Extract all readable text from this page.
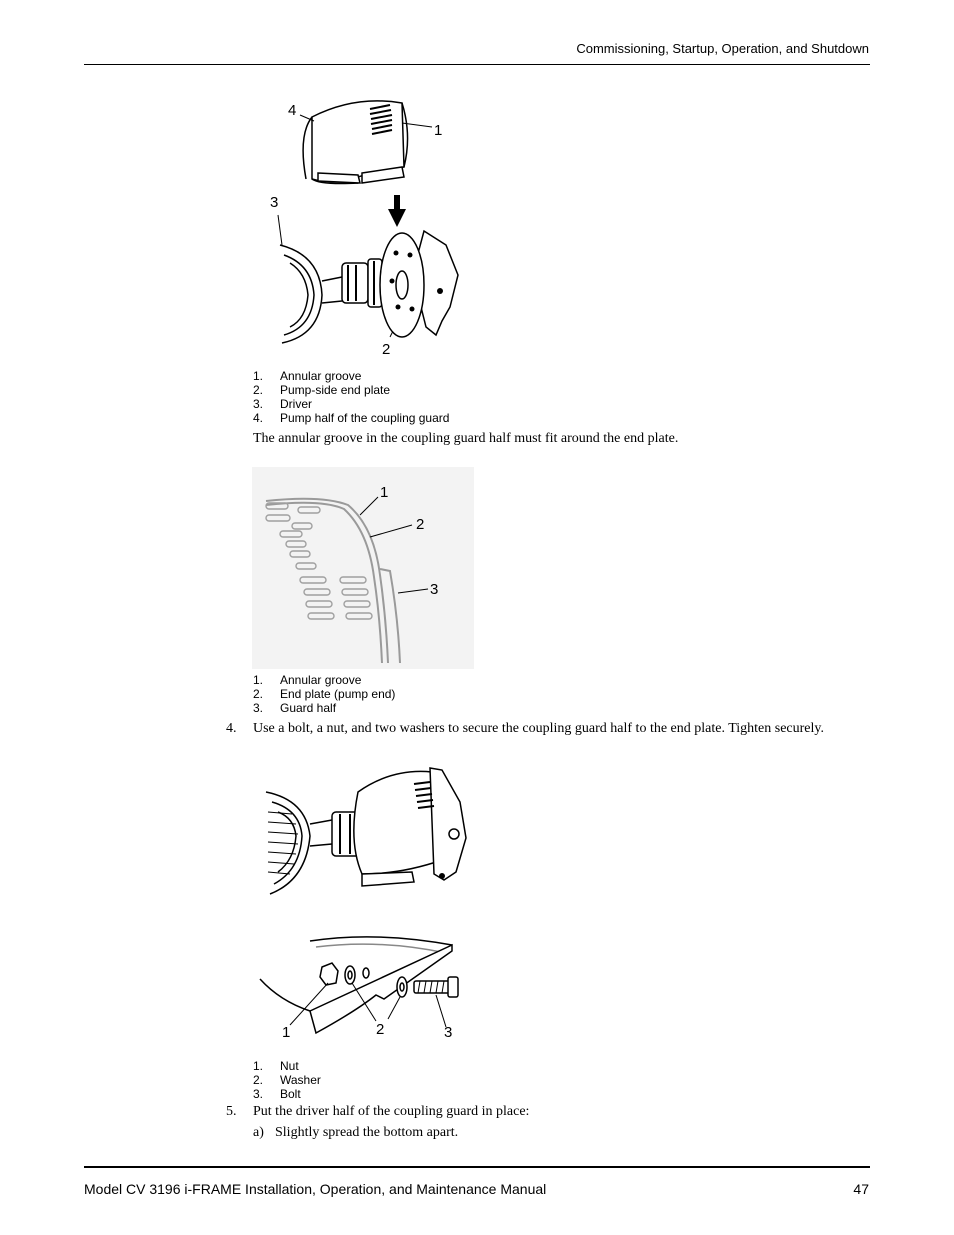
Commissioning, Startup, Operation, and Shutdown
4
1
3
2
1.	Annular groove
2.	Pump-side end plate
3.	Driver
4.	Pump half of the coupling guard
The annular groove in the coupling guard half must fit around the end plate.
1
2
3
1.	Annular groove
2.	End plate (pump end)
3.	Guard half
4. Use a bolt, a nut, and two washers to secure the coupling guard half to the end plate. Tighten securely.
1	2	3
1.	Nut
2.	Washer
3.	Bolt
5. Put the driver half of the coupling guard in place:
a) Slightly spread the bottom apart.
Model CV 3196 i-FRAME Installation, Operation, and Maintenance Manual	47
